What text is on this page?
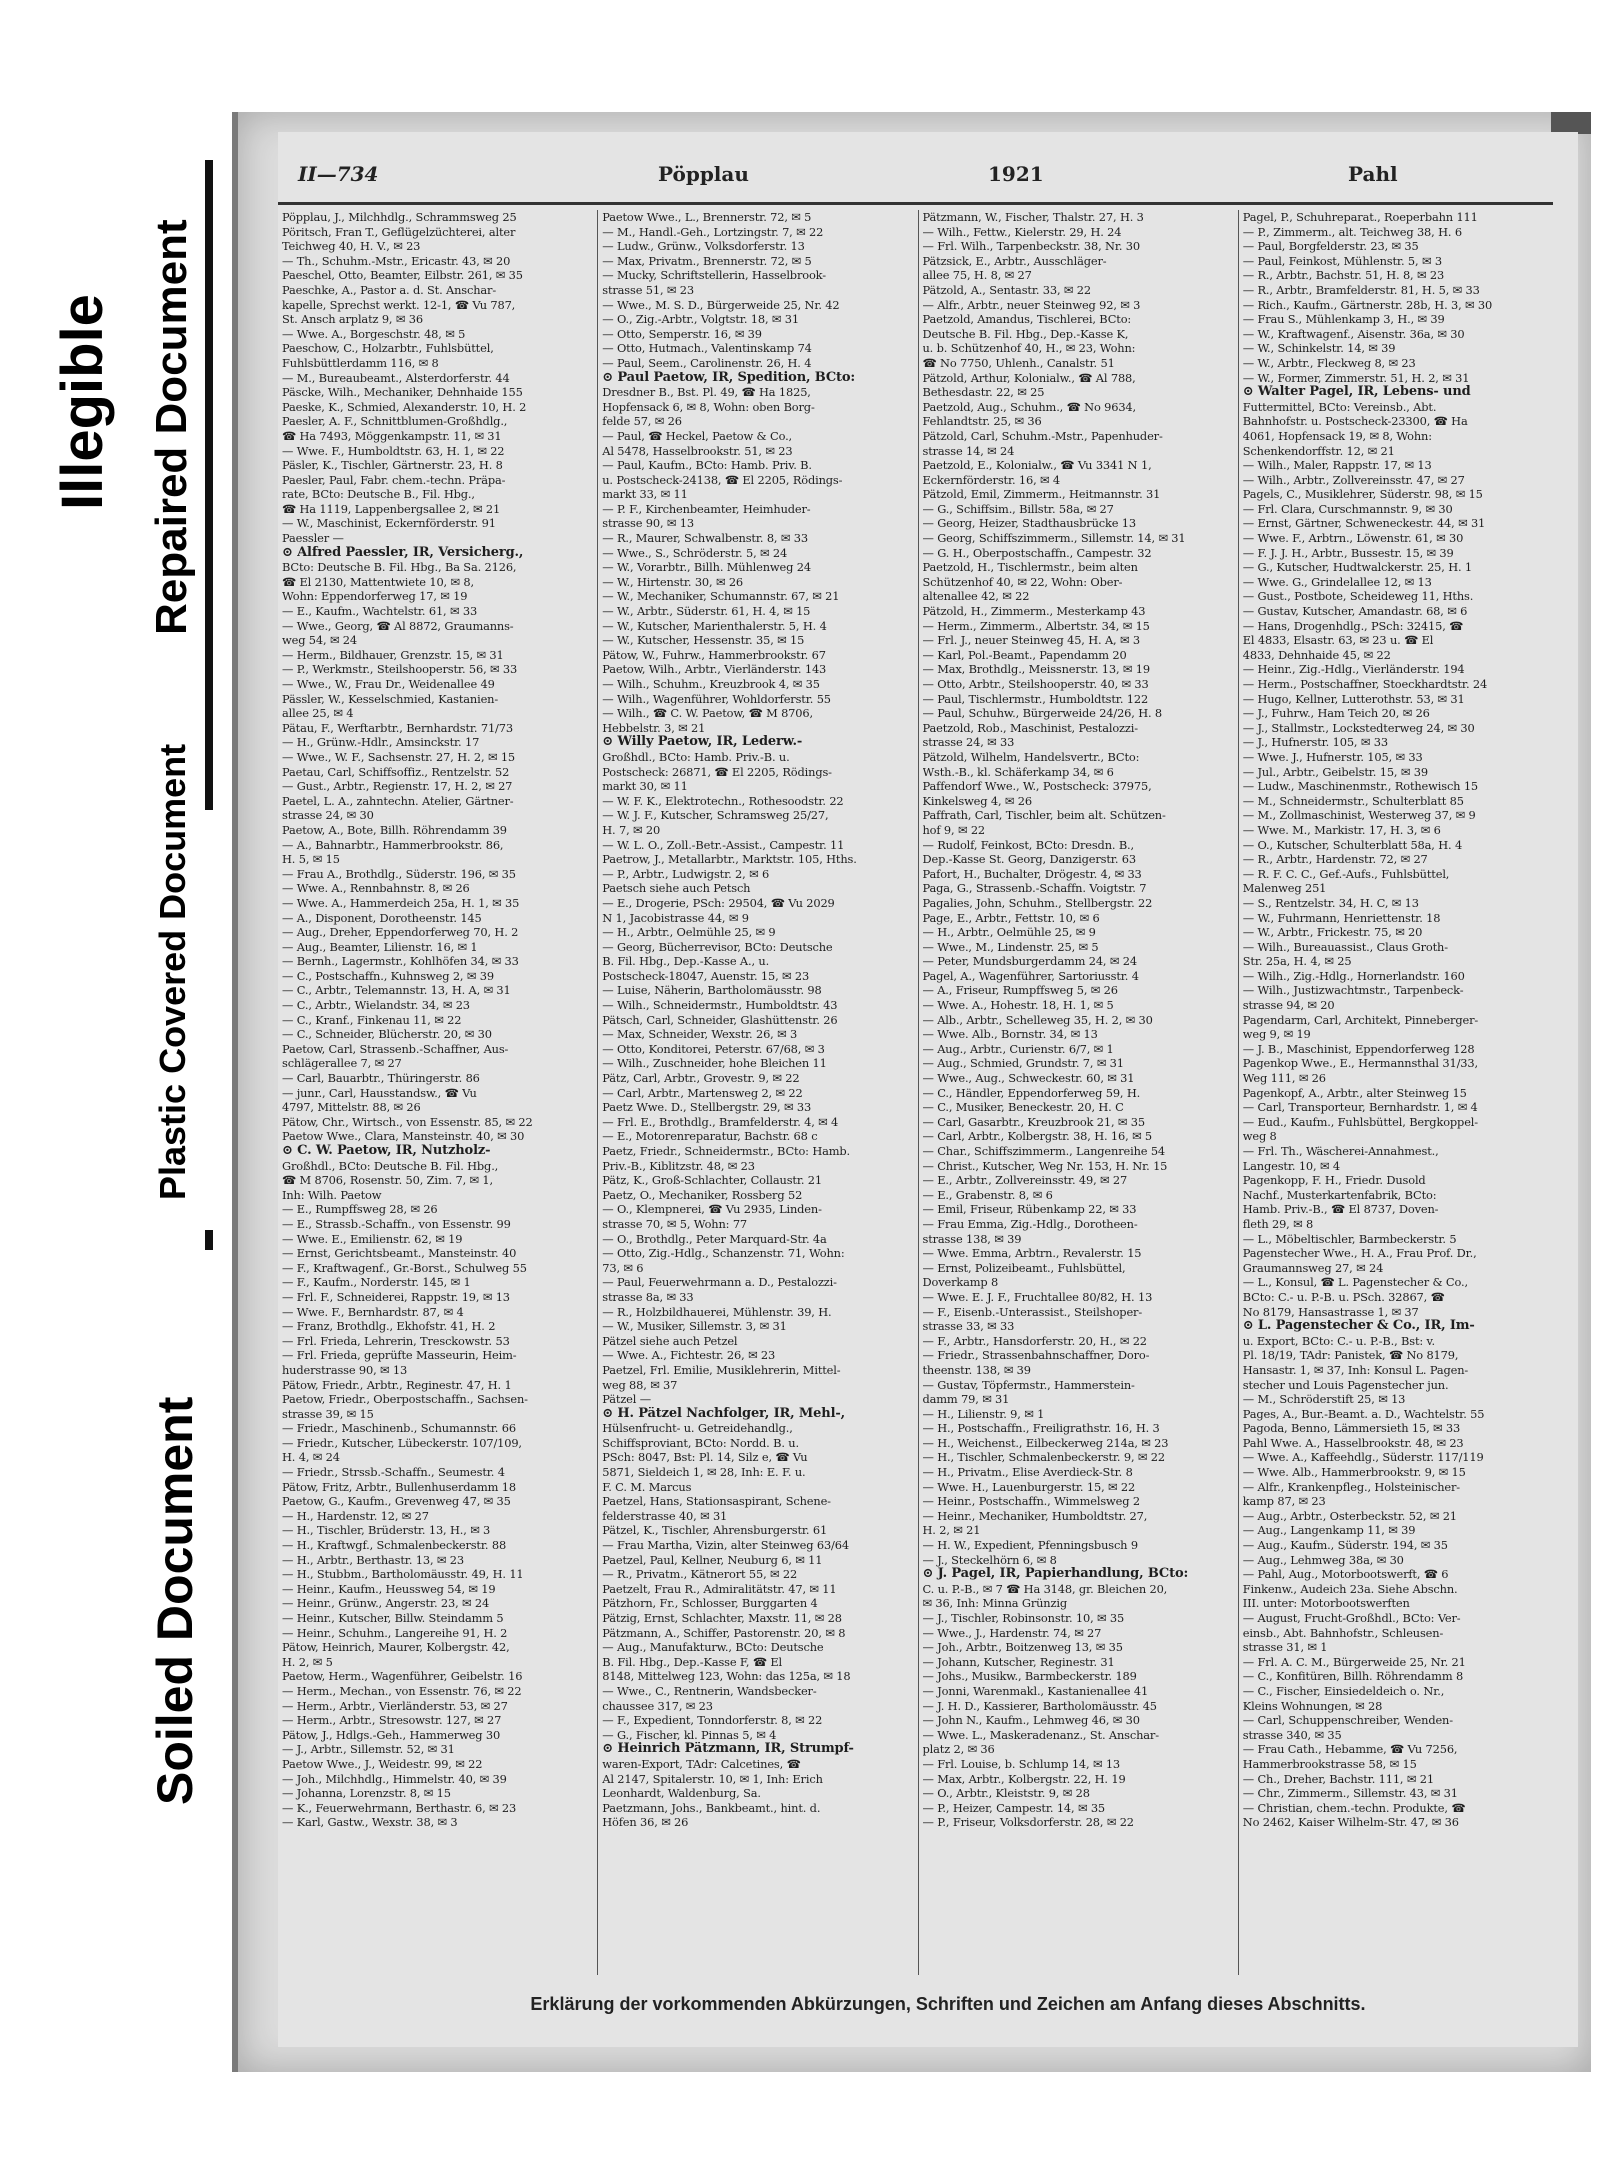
Illegible Repaired Document
Plastic Covered Document
Soiled Document
II—734	Pöpplau	1921	Pahl

Pöpplau, J., Milchhdlg., Schrammsweg 25

Pöritsch, Fran T., Geflügelzüchterei, alter

Teichweg 40, H. V., ✉ 23

— Th., Schuhm.-Mstr., Ericastr. 43, ✉ 20

Paeschel, Otto, Beamter, Eilbstr. 261, ✉ 35

Paeschke, A., Pastor a. d. St. Anschar-

kapelle, Sprechst werkt. 12-1, ☎ Vu 787,

St. Ansch arplatz 9, ✉ 36

— Wwe. A., Borgeschstr. 48, ✉ 5

Paeschow, C., Holzarbtr., Fuhlsbüttel,

Fuhlsbüttlerdamm 116, ✉ 8

— M., Bureaubeamt., Alsterdorferstr. 44

Päscke, Wilh., Mechaniker, Dehnhaide 155

Paeske, K., Schmied, Alexanderstr. 10, H. 2

Paesler, A. F., Schnittblumen-Großhdlg.,

☎ Ha 7493, Möggenkampstr. 11, ✉ 31

— Wwe. F., Humboldtstr. 63, H. 1, ✉ 22

Päsler, K., Tischler, Gärtnerstr. 23, H. 8

Paesler, Paul, Fabr. chem.-techn. Präpa-

rate, BCto: Deutsche B., Fil. Hbg.,

☎ Ha 1119, Lappenbergsallee 2, ✉ 21

— W., Maschinist, Eckernförderstr. 91

Paessler —

⊙ Alfred Paessler, IR, Versicherg.,

BCto: Deutsche B. Fil. Hbg., Ba Sa. 2126,

☎ El 2130, Mattentwiete 10, ✉ 8,

Wohn: Eppendorferweg 17, ✉ 19

— E., Kaufm., Wachtelstr. 61, ✉ 33

— Wwe., Georg, ☎ Al 8872, Graumanns-

weg 54, ✉ 24

— Herm., Bildhauer, Grenzstr. 15, ✉ 31

— P., Werkmstr., Steilshooperstr. 56, ✉ 33

— Wwe., W., Frau Dr., Weidenallee 49

Pässler, W., Kesselschmied, Kastanien-

allee 25, ✉ 4

Pätau, F., Werftarbtr., Bernhardstr. 71/73

— H., Grünw.-Hdlr., Amsinckstr. 17

— Wwe., W. F., Sachsenstr. 27, H. 2, ✉ 15

Paetau, Carl, Schiffsoffiz., Rentzelstr. 52

— Gust., Arbtr., Regienstr. 17, H. 2, ✉ 27

Paetel, L. A., zahntechn. Atelier, Gärtner-

strasse 24, ✉ 30

Paetow, A., Bote, Billh. Röhrendamm 39

— A., Bahnarbtr., Hammerbrookstr. 86,

H. 5, ✉ 15

— Frau A., Brothdlg., Süderstr. 196, ✉ 35

— Wwe. A., Rennbahnstr. 8, ✉ 26

— Wwe. A., Hammerdeich 25a, H. 1, ✉ 35

— A., Disponent, Dorotheenstr. 145

— Aug., Dreher, Eppendorferweg 70, H. 2

— Aug., Beamter, Lilienstr. 16, ✉ 1

— Bernh., Lagermstr., Kohlhöfen 34, ✉ 33

— C., Postschaffn., Kuhnsweg 2, ✉ 39

— C., Arbtr., Telemannstr. 13, H. A, ✉ 31

— C., Arbtr., Wielandstr. 34, ✉ 23

— C., Kranf., Finkenau 11, ✉ 22

— C., Schneider, Blücherstr. 20, ✉ 30

Paetow, Carl, Strassenb.-Schaffner, Aus-

schlägerallee 7, ✉ 27

— Carl, Bauarbtr., Thüringerstr. 86

— junr., Carl, Hausstandsw., ☎ Vu

4797, Mittelstr. 88, ✉ 26

Pätow, Chr., Wirtsch., von Essenstr. 85, ✉ 22

Paetow Wwe., Clara, Mansteinstr. 40, ✉ 30

⊙ C. W. Paetow, IR, Nutzholz-

Großhdl., BCto: Deutsche B. Fil. Hbg.,

☎ M 8706, Rosenstr. 50, Zim. 7, ✉ 1,

Inh: Wilh. Paetow

— E., Rumpffsweg 28, ✉ 26

— E., Strassb.-Schaffn., von Essenstr. 99

— Wwe. E., Emilienstr. 62, ✉ 19

— Ernst, Gerichtsbeamt., Mansteinstr. 40

— F., Kraftwagenf., Gr.-Borst., Schulweg 55

— F., Kaufm., Norderstr. 145, ✉ 1

— Frl. F., Schneiderei, Rappstr. 19, ✉ 13

— Wwe. F., Bernhardstr. 87, ✉ 4

— Franz, Brothdlg., Ekhofstr. 41, H. 2

— Frl. Frieda, Lehrerin, Tresckowstr. 53

— Frl. Frieda, geprüfte Masseurin, Heim-

huderstrasse 90, ✉ 13

Pätow, Friedr., Arbtr., Reginestr. 47, H. 1

Paetow, Friedr., Oberpostschaffn., Sachsen-

strasse 39, ✉ 15

— Friedr., Maschinenb., Schumannstr. 66

— Friedr., Kutscher, Lübeckerstr. 107/109,

H. 4, ✉ 24

— Friedr., Strssb.-Schaffn., Seumestr. 4

Pätow, Fritz, Arbtr., Bullenhuserdamm 18

Paetow, G., Kaufm., Grevenweg 47, ✉ 35

— H., Hardenstr. 12, ✉ 27

— H., Tischler, Brüderstr. 13, H., ✉ 3

— H., Kraftwgf., Schmalenbeckerstr. 88

— H., Arbtr., Berthastr. 13, ✉ 23

— H., Stubbm., Bartholomäusstr. 49, H. 11

— Heinr., Kaufm., Heussweg 54, ✉ 19

— Heinr., Grünw., Angerstr. 23, ✉ 24

— Heinr., Kutscher, Billw. Steindamm 5

— Heinr., Schuhm., Langereihe 91, H. 2

Pätow, Heinrich, Maurer, Kolbergstr. 42,

H. 2, ✉ 5

Paetow, Herm., Wagenführer, Geibelstr. 16

— Herm., Mechan., von Essenstr. 76, ✉ 22

— Herm., Arbtr., Vierländerstr. 53, ✉ 27

— Herm., Arbtr., Stresowstr. 127, ✉ 27

Pätow, J., Hdlgs.-Geh., Hammerweg 30

— J., Arbtr., Sillemstr. 52, ✉ 31

Paetow Wwe., J., Weidestr. 99, ✉ 22

— Joh., Milchhdlg., Himmelstr. 40, ✉ 39

— Johanna, Lorenzstr. 8, ✉ 15

— K., Feuerwehrmann, Berthastr. 6, ✉ 23

— Karl, Gastw., Wexstr. 38, ✉ 3

Paetow Wwe., L., Brennerstr. 72, ✉ 5

— M., Handl.-Geh., Lortzingstr. 7, ✉ 22

— Ludw., Grünw., Volksdorferstr. 13

— Max, Privatm., Brennerstr. 72, ✉ 5

— Mucky, Schriftstellerin, Hasselbrook-

strasse 51, ✉ 23

— Wwe., M. S. D., Bürgerweide 25, Nr. 42

— O., Zig.-Arbtr., Volgtstr. 18, ✉ 31

— Otto, Semperstr. 16, ✉ 39

— Otto, Hutmach., Valentinskamp 74

— Paul, Seem., Carolinenstr. 26, H. 4

⊙ Paul Paetow, IR, Spedition, BCto:

Dresdner B., Bst. Pl. 49, ☎ Ha 1825,

Hopfensack 6, ✉ 8, Wohn: oben Borg-

felde 57, ✉ 26

— Paul, ☎ Heckel, Paetow & Co.,

Al 5478, Hasselbrookstr. 51, ✉ 23

— Paul, Kaufm., BCto: Hamb. Priv. B.

u. Postscheck-24138, ☎ El 2205, Rödings-

markt 33, ✉ 11

— P. F., Kirchenbeamter, Heimhuder-

strasse 90, ✉ 13

— R., Maurer, Schwalbenstr. 8, ✉ 33

— Wwe., S., Schröderstr. 5, ✉ 24

— W., Vorarbtr., Billh. Mühlenweg 24

— W., Hirtenstr. 30, ✉ 26

— W., Mechaniker, Schumannstr. 67, ✉ 21

— W., Arbtr., Süderstr. 61, H. 4, ✉ 15

— W., Kutscher, Marienthalerstr. 5, H. 4

— W., Kutscher, Hessenstr. 35, ✉ 15

Pätow, W., Fuhrw., Hammerbrookstr. 67

Paetow, Wilh., Arbtr., Vierländerstr. 143

— Wilh., Schuhm., Kreuzbrook 4, ✉ 35

— Wilh., Wagenführer, Wohldorferstr. 55

— Wilh., ☎ C. W. Paetow, ☎ M 8706,

Hebbelstr. 3, ✉ 21

⊙ Willy Paetow, IR, Lederw.-

Großhdl., BCto: Hamb. Priv.-B. u.

Postscheck: 26871, ☎ El 2205, Rödings-

markt 30, ✉ 11

— W. F. K., Elektrotechn., Rothesoodstr. 22

— W. J. F., Kutscher, Schramsweg 25/27,

H. 7, ✉ 20

— W. L. O., Zoll.-Betr.-Assist., Campestr. 11

Paetrow, J., Metallarbtr., Marktstr. 105, Hths.

— P., Arbtr., Ludwigstr. 2, ✉ 6

Paetsch siehe auch Petsch

— E., Drogerie, PSch: 29504, ☎ Vu 2029

N 1, Jacobistrasse 44, ✉ 9

— H., Arbtr., Oelmühle 25, ✉ 9

— Georg, Bücherrevisor, BCto: Deutsche

B. Fil. Hbg., Dep.-Kasse A., u.

Postscheck-18047, Auenstr. 15, ✉ 23

— Luise, Näherin, Bartholomäusstr. 98

— Wilh., Schneidermstr., Humboldtstr. 43

Pätsch, Carl, Schneider, Glashüttenstr. 26

— Max, Schneider, Wexstr. 26, ✉ 3

— Otto, Konditorei, Peterstr. 67/68, ✉ 3

— Wilh., Zuschneider, hohe Bleichen 11

Pätz, Carl, Arbtr., Grovestr. 9, ✉ 22

— Carl, Arbtr., Martensweg 2, ✉ 22

Paetz Wwe. D., Stellbergstr. 29, ✉ 33

— Frl. E., Brothdlg., Bramfelderstr. 4, ✉ 4

— E., Motorenreparatur, Bachstr. 68 c

Paetz, Friedr., Schneidermstr., BCto: Hamb.

Priv.-B., Kiblitzstr. 48, ✉ 23

Pätz, K., Groß-Schlachter, Collaustr. 21

Paetz, O., Mechaniker, Rossberg 52

— O., Klempnerei, ☎ Vu 2935, Linden-

strasse 70, ✉ 5, Wohn: 77

— O., Brothdlg., Peter Marquard-Str. 4a

— Otto, Zig.-Hdlg., Schanzenstr. 71, Wohn:

73, ✉ 6

— Paul, Feuerwehrmann a. D., Pestalozzi-

strasse 8a, ✉ 33

— R., Holzbildhauerei, Mühlenstr. 39, H.

— W., Musiker, Sillemstr. 3, ✉ 31

Pätzel siehe auch Petzel

— Wwe. A., Fichtestr. 26, ✉ 23

Paetzel, Frl. Emilie, Musiklehrerin, Mittel-

weg 88, ✉ 37

Pätzel —

⊙ H. Pätzel Nachfolger, IR, Mehl-,

Hülsenfrucht- u. Getreidehandlg.,

Schiffsproviant, BCto: Nordd. B. u.

PSch: 8047, Bst: Pl. 14, Silz e, ☎ Vu

5871, Sieldeich 1, ✉ 28, Inh: E. F. u.

F. C. M. Marcus

Paetzel, Hans, Stationsaspirant, Schene-

felderstrasse 40, ✉ 31

Pätzel, K., Tischler, Ahrensburgerstr. 61

— Frau Martha, Vizin, alter Steinweg 63/64

Paetzel, Paul, Kellner, Neuburg 6, ✉ 11

— R., Privatm., Kätnerort 55, ✉ 22

Paetzelt, Frau R., Admiralitätstr. 47, ✉ 11

Pätzhorn, Fr., Schlosser, Burggarten 4

Pätzig, Ernst, Schlachter, Maxstr. 11, ✉ 28

Pätzmann, A., Schiffer, Pastorenstr. 20, ✉ 8

— Aug., Manufakturw., BCto: Deutsche

B. Fil. Hbg., Dep.-Kasse F, ☎ El

8148, Mittelweg 123, Wohn: das 125a, ✉ 18

— Wwe., C., Rentnerin, Wandsbecker-

chaussee 317, ✉ 23

— F., Expedient, Tonndorferstr. 8, ✉ 22

— G., Fischer, kl. Pinnas 5, ✉ 4

⊙ Heinrich Pätzmann, IR, Strumpf-

waren-Export, TAdr: Calcetines, ☎

Al 2147, Spitalerstr. 10, ✉ 1, Inh: Erich

Leonhardt, Waldenburg, Sa.

Paetzmann, Johs., Bankbeamt., hint. d.

Höfen 36, ✉ 26

Pätzmann, W., Fischer, Thalstr. 27, H. 3

— Wilh., Fettw., Kielerstr. 29, H. 24

— Frl. Wilh., Tarpenbeckstr. 38, Nr. 30

Pätzsick, E., Arbtr., Ausschläger-

allee 75, H. 8, ✉ 27

Pätzold, A., Sentastr. 33, ✉ 22

— Alfr., Arbtr., neuer Steinweg 92, ✉ 3

Paetzold, Amandus, Tischlerei, BCto:

Deutsche B. Fil. Hbg., Dep.-Kasse K,

u. b. Schützenhof 40, H., ✉ 23, Wohn:

☎ No 7750, Uhlenh., Canalstr. 51

Pätzold, Arthur, Kolonialw., ☎ Al 788,

Bethesdastr. 22, ✉ 25

Paetzold, Aug., Schuhm., ☎ No 9634,

Fehlandtstr. 25, ✉ 36

Pätzold, Carl, Schuhm.-Mstr., Papenhuder-

strasse 14, ✉ 24

Paetzold, E., Kolonialw., ☎ Vu 3341 N 1,

Eckernförderstr. 16, ✉ 4

Pätzold, Emil, Zimmerm., Heitmannstr. 31

— G., Schiffsim., Billstr. 58a, ✉ 27

— Georg, Heizer, Stadthausbrücke 13

— Georg, Schiffszimmerm., Sillemstr. 14, ✉ 31

— G. H., Oberpostschaffn., Campestr. 32

Paetzold, H., Tischlermstr., beim alten

Schützenhof 40, ✉ 22, Wohn: Ober-

altenallee 42, ✉ 22

Pätzold, H., Zimmerm., Mesterkamp 43

— Herm., Zimmerm., Albertstr. 34, ✉ 15

— Frl. J., neuer Steinweg 45, H. A, ✉ 3

— Karl, Pol.-Beamt., Papendamm 20

— Max, Brothdlg., Meissnerstr. 13, ✉ 19

— Otto, Arbtr., Steilshooperstr. 40, ✉ 33

— Paul, Tischlermstr., Humboldtstr. 122

— Paul, Schuhw., Bürgerweide 24/26, H. 8

Paetzold, Rob., Maschinist, Pestalozzi-

strasse 24, ✉ 33

Pätzold, Wilhelm, Handelsvertr., BCto:

Wsth.-B., kl. Schäferkamp 34, ✉ 6

Paffendorf Wwe., W., Postscheck: 37975,

Kinkelsweg 4, ✉ 26

Paffrath, Carl, Tischler, beim alt. Schützen-

hof 9, ✉ 22

— Rudolf, Feinkost, BCto: Dresdn. B.,

Dep.-Kasse St. Georg, Danzigerstr. 63

Pafort, H., Buchalter, Drögestr. 4, ✉ 33

Paga, G., Strassenb.-Schaffn. Voigtstr. 7

Pagalies, John, Schuhm., Stellbergstr. 22

Page, E., Arbtr., Fettstr. 10, ✉ 6

— H., Arbtr., Oelmühle 25, ✉ 9

— Wwe., M., Lindenstr. 25, ✉ 5

— Peter, Mundsburgerdamm 24, ✉ 24

Pagel, A., Wagenführer, Sartoriusstr. 4

— A., Friseur, Rumpffsweg 5, ✉ 26

— Wwe. A., Hohestr. 18, H. 1, ✉ 5

— Alb., Arbtr., Schelleweg 35, H. 2, ✉ 30

— Wwe. Alb., Bornstr. 34, ✉ 13

— Aug., Arbtr., Curienstr. 6/7, ✉ 1

— Aug., Schmied, Grundstr. 7, ✉ 31

— Wwe., Aug., Schweckestr. 60, ✉ 31

— C., Händler, Eppendorferweg 59, H.

— C., Musiker, Beneckestr. 20, H. C

— Carl, Gasarbtr., Kreuzbrook 21, ✉ 35

— Carl, Arbtr., Kolbergstr. 38, H. 16, ✉ 5

— Char., Schiffszimmerm., Langenreihe 54

— Christ., Kutscher, Weg Nr. 153, H. Nr. 15

— E., Arbtr., Zollvereinsstr. 49, ✉ 27

— E., Grabenstr. 8, ✉ 6

— Emil, Friseur, Rübenkamp 22, ✉ 33

— Frau Emma, Zig.-Hdlg., Dorotheen-

strasse 138, ✉ 39

— Wwe. Emma, Arbtrn., Revalerstr. 15

— Ernst, Polizeibeamt., Fuhlsbüttel,

Doverkamp 8

— Wwe. E. J. F., Fruchtallee 80/82, H. 13

— F., Eisenb.-Unterassist., Steilshoper-

strasse 33, ✉ 33

— F., Arbtr., Hansdorferstr. 20, H., ✉ 22

— Friedr., Strassenbahnschaffner, Doro-

theenstr. 138, ✉ 39

— Gustav, Töpfermstr., Hammerstein-

damm 79, ✉ 31

— H., Lilienstr. 9, ✉ 1

— H., Postschaffn., Freiligrathstr. 16, H. 3

— H., Weichenst., Eilbeckerweg 214a, ✉ 23

— H., Tischler, Schmalenbeckerstr. 9, ✉ 22

— H., Privatm., Elise Averdieck-Str. 8

— Wwe. H., Lauenburgerstr. 15, ✉ 22

— Heinr., Postschaffn., Wimmelsweg 2

— Heinr., Mechaniker, Humboldtstr. 27,

H. 2, ✉ 21

— H. W., Expedient, Pfenningsbusch 9

— J., Steckelhörn 6, ✉ 8

⊙ J. Pagel, IR, Papierhandlung, BCto:

C. u. P.-B., ✉ 7 ☎ Ha 3148, gr. Bleichen 20,

✉ 36, Inh: Minna Grünzig

— J., Tischler, Robinsonstr. 10, ✉ 35

— Wwe., J., Hardenstr. 74, ✉ 27

— Joh., Arbtr., Boitzenweg 13, ✉ 35

— Johann, Kutscher, Reginestr. 31

— Johs., Musikw., Barmbeckerstr. 189

— Jonni, Warenmakl., Kastanienallee 41

— J. H. D., Kassierer, Bartholomäusstr. 45

— John N., Kaufm., Lehmweg 46, ✉ 30

— Wwe. L., Maskeradenanz., St. Anschar-

platz 2, ✉ 36

— Frl. Louise, b. Schlump 14, ✉ 13

— Max, Arbtr., Kolbergstr. 22, H. 19

— O., Arbtr., Kleiststr. 9, ✉ 28

— P., Heizer, Campestr. 14, ✉ 35

— P., Friseur, Volksdorferstr. 28, ✉ 22

Pagel, P., Schuhreparat., Roeperbahn 111

— P., Zimmerm., alt. Teichweg 38, H. 6

— Paul, Borgfelderstr. 23, ✉ 35

— Paul, Feinkost, Mühlenstr. 5, ✉ 3

— R., Arbtr., Bachstr. 51, H. 8, ✉ 23

— R., Arbtr., Bramfelderstr. 81, H. 5, ✉ 33

— Rich., Kaufm., Gärtnerstr. 28b, H. 3, ✉ 30

— Frau S., Mühlenkamp 3, H., ✉ 39

— W., Kraftwagenf., Aisenstr. 36a, ✉ 30

— W., Schinkelstr. 14, ✉ 39

— W., Arbtr., Fleckweg 8, ✉ 23

— W., Former, Zimmerstr. 51, H. 2, ✉ 31

⊙ Walter Pagel, IR, Lebens- und

Futtermittel, BCto: Vereinsb., Abt.

Bahnhofstr. u. Postscheck-23300, ☎ Ha

4061, Hopfensack 19, ✉ 8, Wohn:

Schenkendorffstr. 12, ✉ 21

— Wilh., Maler, Rappstr. 17, ✉ 13

— Wilh., Arbtr., Zollvereinsstr. 47, ✉ 27

Pagels, C., Musiklehrer, Süderstr. 98, ✉ 15

— Frl. Clara, Curschmannstr. 9, ✉ 30

— Ernst, Gärtner, Schweneckestr. 44, ✉ 31

— Wwe. F., Arbtrn., Löwenstr. 61, ✉ 30

— F. J. J. H., Arbtr., Bussestr. 15, ✉ 39

— G., Kutscher, Hudtwalckerstr. 25, H. 1

— Wwe. G., Grindelallee 12, ✉ 13

— Gust., Postbote, Scheideweg 11, Hths.

— Gustav, Kutscher, Amandastr. 68, ✉ 6

— Hans, Drogenhdlg., PSch: 32415, ☎

El 4833, Elsastr. 63, ✉ 23 u. ☎ El

4833, Dehnhaide 45, ✉ 22

— Heinr., Zig.-Hdlg., Vierländerstr. 194

— Herm., Postschaffner, Stoeckhardtstr. 24

— Hugo, Kellner, Lutterothstr. 53, ✉ 31

— J., Fuhrw., Ham Teich 20, ✉ 26

— J., Stallmstr., Lockstedterweg 24, ✉ 30

— J., Hufnerstr. 105, ✉ 33

— Wwe. J., Hufnerstr. 105, ✉ 33

— Jul., Arbtr., Geibelstr. 15, ✉ 39

— Ludw., Maschinenmstr., Rothewisch 15

— M., Schneidermstr., Schulterblatt 85

— M., Zollmaschinist, Westerweg 37, ✉ 9

— Wwe. M., Markistr. 17, H. 3, ✉ 6

— O., Kutscher, Schulterblatt 58a, H. 4

— R., Arbtr., Hardenstr. 72, ✉ 27

— R. F. C. C., Gef.-Aufs., Fuhlsbüttel,

Malenweg 251

— S., Rentzelstr. 34, H. C, ✉ 13

— W., Fuhrmann, Henriettenstr. 18

— W., Arbtr., Frickestr. 75, ✉ 20

— Wilh., Bureauassist., Claus Groth-

Str. 25a, H. 4, ✉ 25

— Wilh., Zig.-Hdlg., Hornerlandstr. 160

— Wilh., Justizwachtmstr., Tarpenbeck-

strasse 94, ✉ 20

Pagendarm, Carl, Architekt, Pinneberger-

weg 9, ✉ 19

— J. B., Maschinist, Eppendorferweg 128

Pagenkop Wwe., E., Hermannsthal 31/33,

Weg 111, ✉ 26

Pagenkopf, A., Arbtr., alter Steinweg 15

— Carl, Transporteur, Bernhardstr. 1, ✉ 4

— Eud., Kaufm., Fuhlsbüttel, Bergkoppel-

weg 8

— Frl. Th., Wäscherei-Annahmest.,

Langestr. 10, ✉ 4

Pagenkopp, F. H., Friedr. Dusold

Nachf., Musterkartenfabrik, BCto:

Hamb. Priv.-B., ☎ El 8737, Doven-

fleth 29, ✉ 8

— L., Möbeltischler, Barmbeckerstr. 5

Pagenstecher Wwe., H. A., Frau Prof. Dr.,

Graumannsweg 27, ✉ 24

— L., Konsul, ☎ L. Pagenstecher & Co.,

BCto: C.- u. P.-B. u. PSch. 32867, ☎

No 8179, Hansastrasse 1, ✉ 37

⊙ L. Pagenstecher & Co., IR, Im-

u. Export, BCto: C.- u. P.-B., Bst: v.

Pl. 18/19, TAdr: Panistek, ☎ No 8179,

Hansastr. 1, ✉ 37, Inh: Konsul L. Pagen-

stecher und Louis Pagenstecher jun.

— M., Schröderstift 25, ✉ 13

Pages, A., Bur.-Beamt. a. D., Wachtelstr. 55

Pagoda, Benno, Lämmersieth 15, ✉ 33

Pahl Wwe. A., Hasselbrookstr. 48, ✉ 23

— Wwe. A., Kaffeehdlg., Süderstr. 117/119

— Wwe. Alb., Hammerbrookstr. 9, ✉ 15

— Alfr., Krankenpfleg., Holsteinischer-

kamp 87, ✉ 23

— Aug., Arbtr., Osterbeckstr. 52, ✉ 21

— Aug., Langenkamp 11, ✉ 39

— Aug., Kaufm., Süderstr. 194, ✉ 35

— Aug., Lehmweg 38a, ✉ 30

— Pahl, Aug., Motorbootswerft, ☎ 6

Finkenw., Audeich 23a. Siehe Abschn.

III. unter: Motorbootswerften

— August, Frucht-Großhdl., BCto: Ver-

einsb., Abt. Bahnhofstr., Schleusen-

strasse 31, ✉ 1

— Frl. A. C. M., Bürgerweide 25, Nr. 21

— C., Konfitüren, Billh. Röhrendamm 8

— C., Fischer, Einsiedeldeich o. Nr.,

Kleins Wohnungen, ✉ 28

— Carl, Schuppenschreiber, Wenden-

strasse 340, ✉ 35

— Frau Cath., Hebamme, ☎ Vu 7256,

Hammerbrookstrasse 58, ✉ 15

— Ch., Dreher, Bachstr. 111, ✉ 21

— Chr., Zimmerm., Sillemstr. 43, ✉ 31

— Christian, chem.-techn. Produkte, ☎

No 2462, Kaiser Wilhelm-Str. 47, ✉ 36

Erklärung der vorkommenden Abkürzungen, Schriften und Zeichen am Anfang dieses Abschnitts.
